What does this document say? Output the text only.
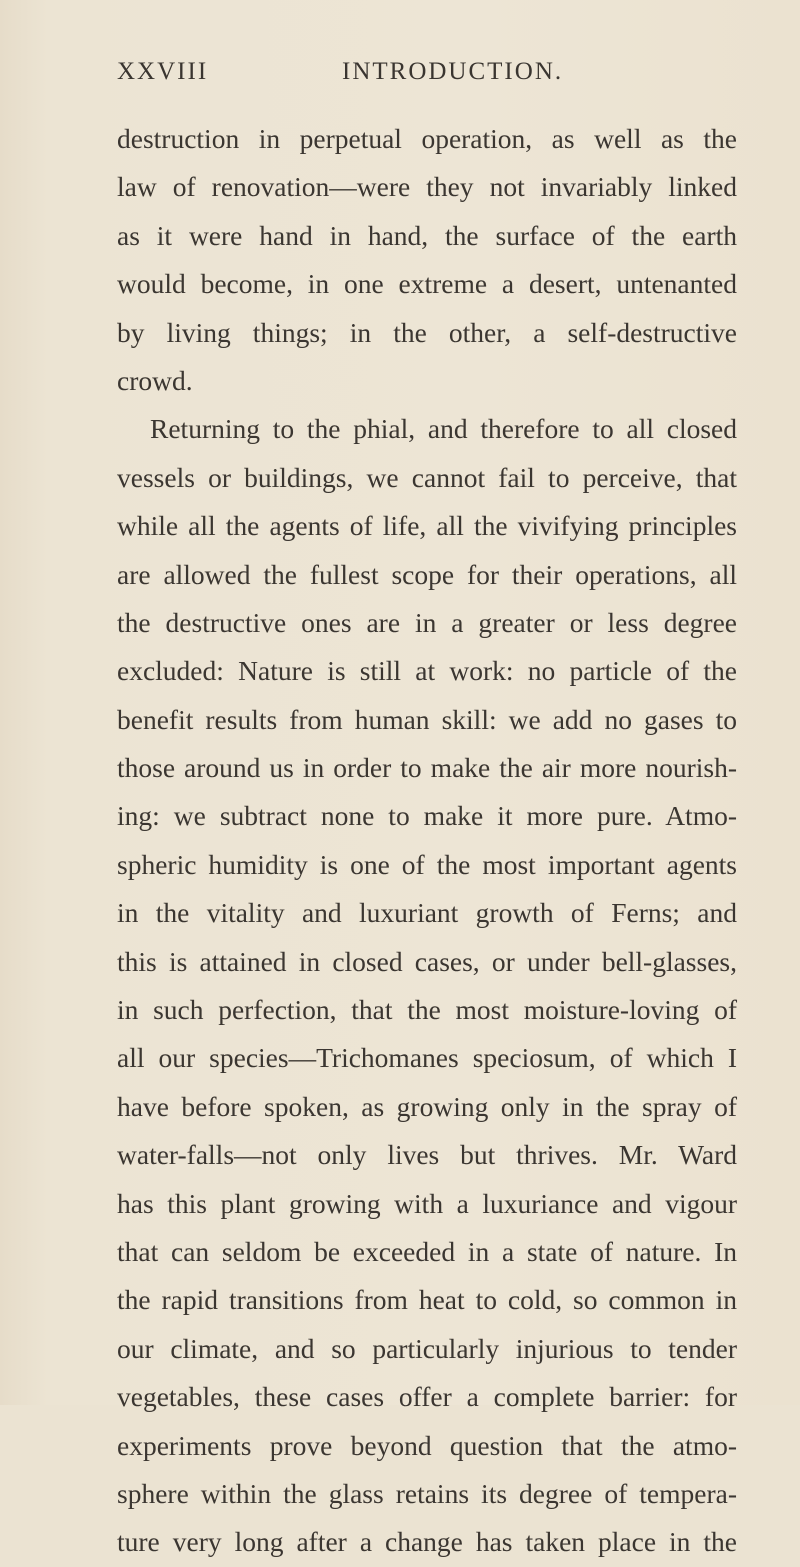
XXVIII	INTRODUCTION.
destruction in perpetual operation, as well as the
law of renovation—were they not invariably linked
as it were hand in hand, the surface of the earth
would become, in one extreme a desert, untenanted
by living things; in the other, a self-destructive
crowd.
Returning to the phial, and therefore to all closed
vessels or buildings, we cannot fail to perceive, that
while all the agents of life, all the vivifying principles
are allowed the fullest scope for their operations, all
the destructive ones are in a greater or less degree
excluded: Nature is still at work: no particle of the
benefit results from human skill: we add no gases to
those around us in order to make the air more nourish-
ing: we subtract none to make it more pure. Atmo-
spheric humidity is one of the most important agents
in the vitality and luxuriant growth of Ferns; and
this is attained in closed cases, or under bell-glasses,
in such perfection, that the most moisture-loving of
all our species—Trichomanes speciosum, of which I
have before spoken, as growing only in the spray of
water-falls—not only lives but thrives. Mr. Ward
has this plant growing with a luxuriance and vigour
that can seldom be exceeded in a state of nature. In
the rapid transitions from heat to cold, so common in
our climate, and so particularly injurious to tender
vegetables, these cases offer a complete barrier: for
experiments prove beyond question that the atmo-
sphere within the glass retains its degree of tempera-
ture very long after a change has taken place in the
